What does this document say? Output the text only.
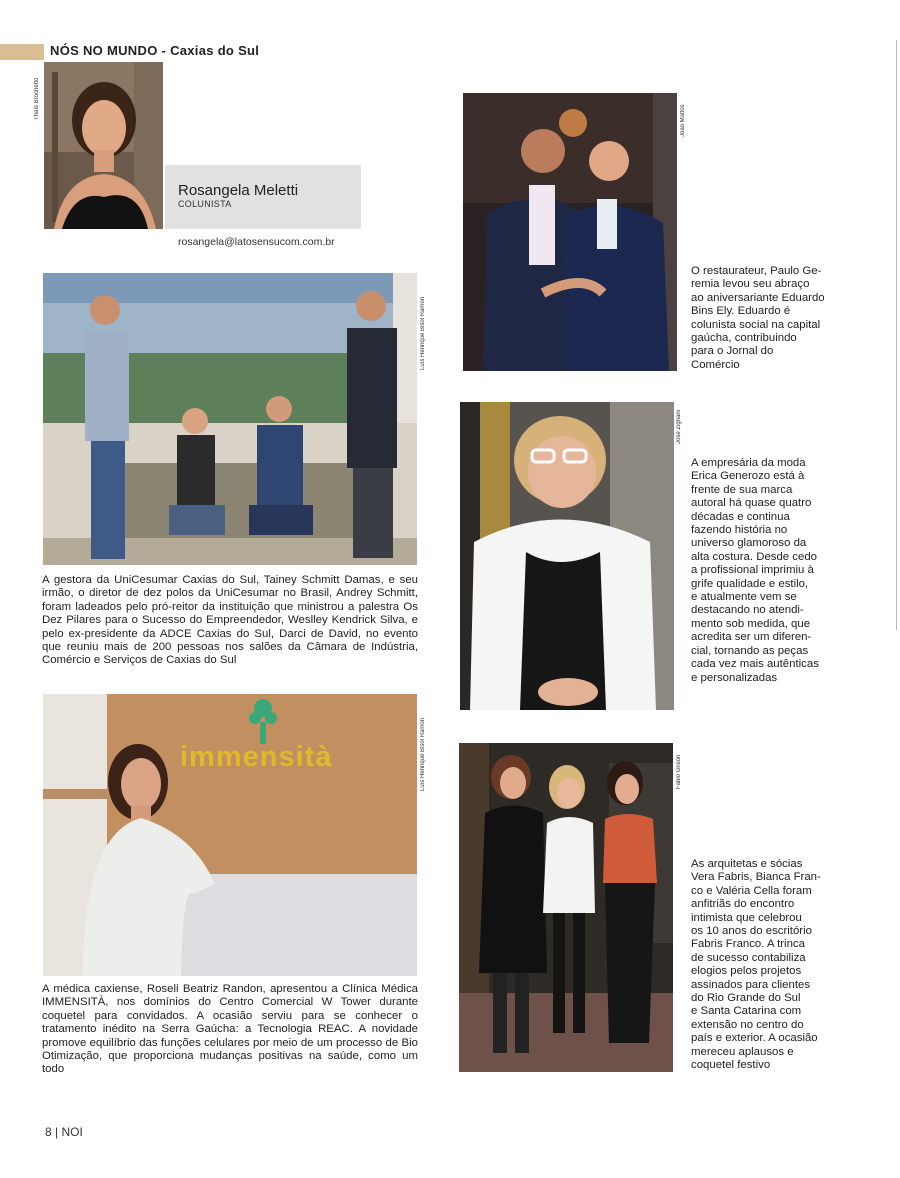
NÓS NO MUNDO - Caxias do Sul
Thaís Brochetto
Rosangela Meletti
COLUNISTA
rosangela@latosensucom.com.br
Luís Henrique Bisol Ramon
A gestora da UniCesumar Caxias do Sul, Tainey Schmitt Damas, e seu irmão, o diretor de dez polos da UniCesumar no Brasil, Andrey Schmitt, foram ladeados pelo pró-reitor da instituição que ministrou a palestra Os Dez Pilares para o Sucesso do Empreendedor, Weslley Kendrick Silva, e pelo ex-presidente da ADCE Caxias do Sul, Darci de David, no evento que reuniu mais de 200 pessoas nos salões da Câmara de Indústria, Comércio e Serviços de Caxias do Sul
immensità	Luís Henrique Bisol Ramon
A médica caxiense, Roseli Beatriz Randon, apresentou a Clínica Médica IMMENSITÀ, nos domínios do Centro Comercial W Tower durante coquetel para convidados. A ocasião serviu para se conhecer o tratamento inédito na Serra Gaúcha: a Tecnologia REAC. A novidade promove equilíbrio das funções celulares por meio de um processo de Bio Otimização, que proporciona mudanças positivas na saúde, como um todo
João Mattos
O restaurateur, Paulo Ge-
remia levou seu abraço
ao aniversariante Eduardo
Bins Ely. Eduardo é
colunista social na capital
gaúcha, contribuindo
para o Jornal do
Comércio
José Zignani
A empresária da moda
Erica Generozo está à
frente de sua marca
autoral há quase quatro
décadas e continua
fazendo história no
universo glamoroso da
alta costura. Desde cedo
a profissional imprimiu à
grife qualidade e estilo,
e atualmente vem se
destacando no atendi-
mento sob medida, que
acredita ser um diferen-
cial, tornando as peças
cada vez mais autênticas
e personalizadas
Fabio Grison
As arquitetas e sócias
Vera Fabris, Bianca Fran-
co e Valéria Cella foram
anfitriãs do encontro
intimista que celebrou
os 10 anos do escritório
Fabris Franco. A trinca
de sucesso contabiliza
elogios pelos projetos
assinados para clientes
do Rio Grande do Sul
e Santa Catarina com
extensão no centro do
país e exterior. A ocasião
mereceu aplausos e
coquetel festivo
8 | NOI
